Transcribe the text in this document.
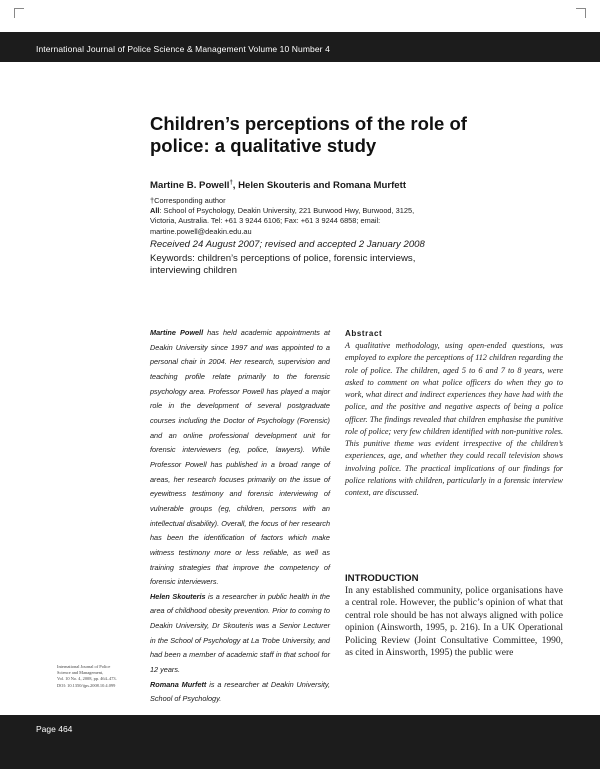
International Journal of Police Science & Management Volume 10 Number 4
Children’s perceptions of the role of police: a qualitative study
Martine B. Powell†, Helen Skouteris and Romana Murfett
†Corresponding author
All: School of Psychology, Deakin University, 221 Burwood Hwy, Burwood, 3125,
Victoria, Australia. Tel: +61 3 9244 6106; Fax: +61 3 9244 6858; email:
martine.powell@deakin.edu.au
Received 24 August 2007; revised and accepted 2 January 2008
Keywords: children’s perceptions of police, forensic interviews, interviewing children

Martine Powell has held academic appointments at Deakin University since 1997 and was appointed to a personal chair in 2004. Her research, supervision and teaching profile relate primarily to the forensic psychology area. Professor Powell has played a major role in the development of several postgraduate courses including the Doctor of Psychology (Forensic) and an online professional development unit for forensic interviewers (eg, police, lawyers). While Professor Powell has published in a broad range of areas, her research focuses primarily on the issue of eyewitness testimony and forensic interviewing of vulnerable groups (eg, children, persons with an intellectual disability). Overall, the focus of her research has been the identification of factors which make witness testimony more or less reliable, as well as training strategies that improve the competency of forensic interviewers.

Helen Skouteris is a researcher in public health in the area of childhood obesity prevention. Prior to coming to Deakin University, Dr Skouteris was a Senior Lecturer in the School of Psychology at La Trobe University, and had been a member of academic staff in that school for 12 years.

Romana Murfett is a researcher at Deakin University, School of Psychology.

Abstract
A qualitative methodology, using open-ended questions, was employed to explore the perceptions of 112 children regarding the role of police. The children, aged 5 to 6 and 7 to 8 years, were asked to comment on what police officers do when they go to work, what direct and indirect experiences they have had with the police, and the positive and negative aspects of being a police officer. The findings revealed that children emphasise the punitive role of police; very few children identified with non-punitive roles. This punitive theme was evident irrespective of the children’s experiences, age, and whether they could recall television shows involving police. The practical implications of our findings for police relations with children, particularly in a forensic interview context, are discussed.
INTRODUCTION
In any established community, police organisations have a central role. However, the public’s opinion of what that central role should be has not always aligned with police opinion (Ainsworth, 1995, p. 216). In a UK Operational Policing Review (Joint Consultative Committee, 1990, as cited in Ainsworth, 1995) the public were
International Journal of Police
Science and Management,
Vol. 10 No. 4, 2008, pp. 464–473.
DOI: 10.1350/ijps.2008.10.4.099
Page 464
